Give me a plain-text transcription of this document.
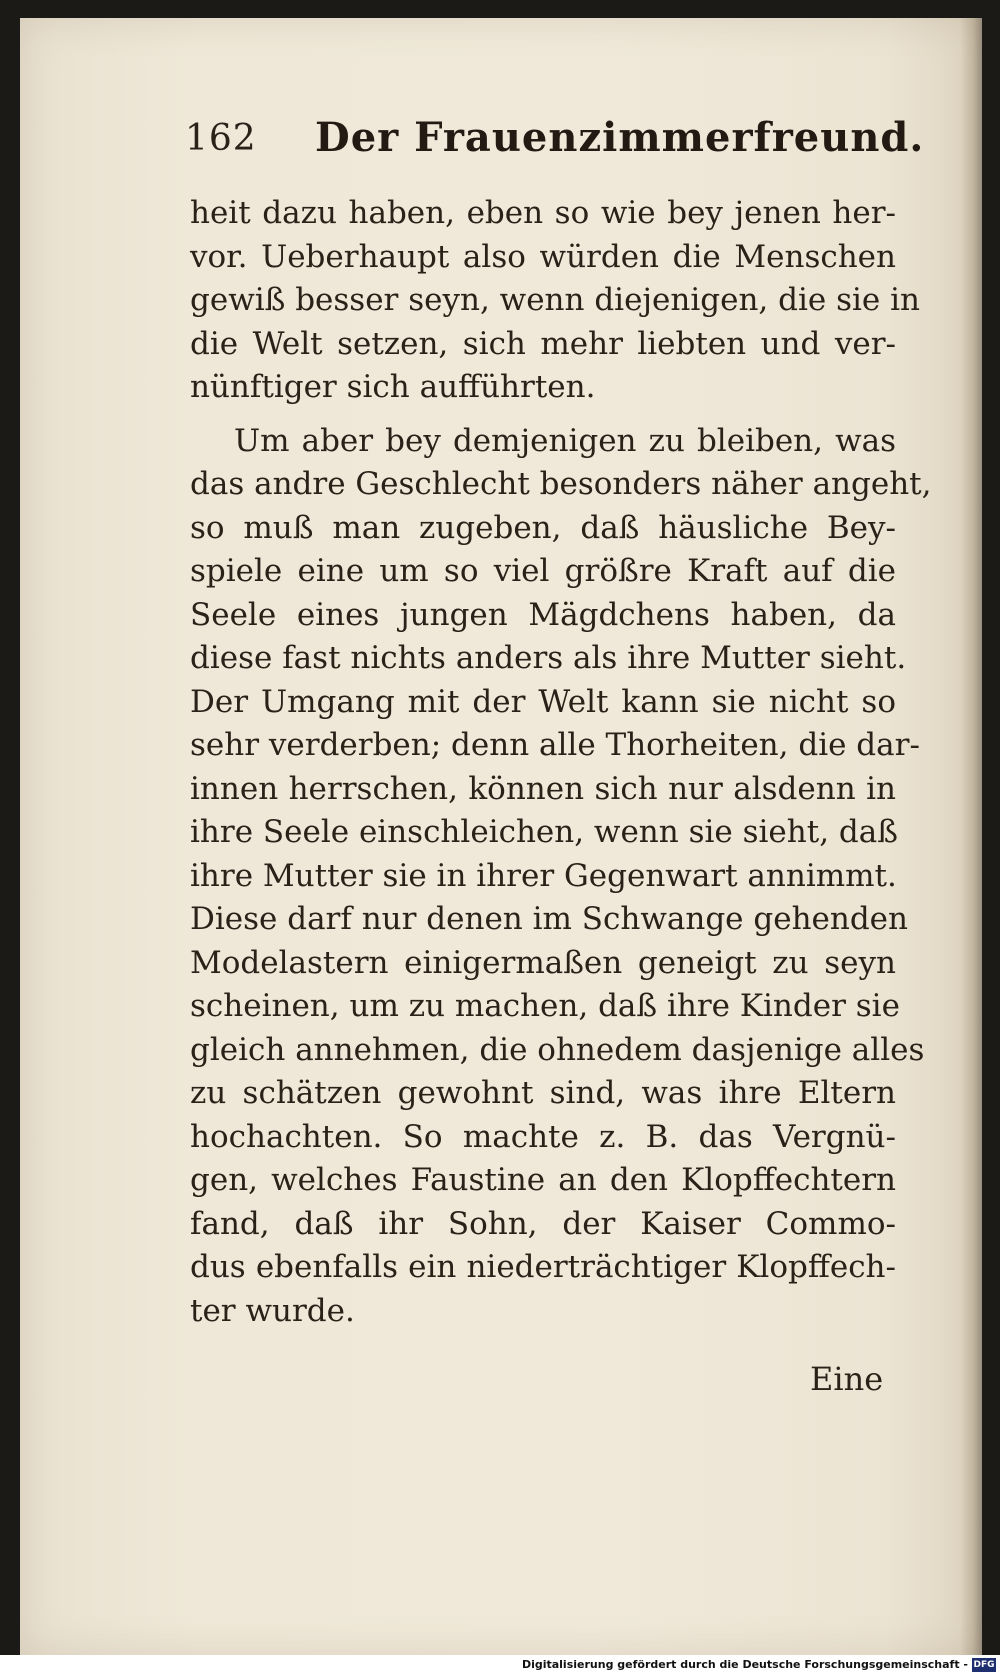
162 Der Frauenzimmerfreund.
heit dazu haben, eben so wie bey jenen her-
vor. Ueberhaupt also würden die Menschen
gewiß besser seyn, wenn diejenigen, die sie in
die Welt setzen, sich mehr liebten und ver-
nünftiger sich aufführten.
Um aber bey demjenigen zu bleiben, was
das andre Geschlecht besonders näher angeht,
so muß man zugeben, daß häusliche Bey-
spiele eine um so viel größre Kraft auf die
Seele eines jungen Mägdchens haben, da
diese fast nichts anders als ihre Mutter sieht.
Der Umgang mit der Welt kann sie nicht so
sehr verderben; denn alle Thorheiten, die dar-
innen herrschen, können sich nur alsdenn in
ihre Seele einschleichen, wenn sie sieht, daß
ihre Mutter sie in ihrer Gegenwart annimmt.
Diese darf nur denen im Schwange gehenden
Modelastern einigermaßen geneigt zu seyn
scheinen, um zu machen, daß ihre Kinder sie
gleich annehmen, die ohnedem dasjenige alles
zu schätzen gewohnt sind, was ihre Eltern
hochachten. So machte z. B. das Vergnü-
gen, welches Faustine an den Klopffechtern
fand, daß ihr Sohn, der Kaiser Commo-
dus ebenfalls ein niederträchtiger Klopffech-
ter wurde.
Eine
Digitalisierung gefördert durch die Deutsche Forschungsgemeinschaft - DFG
